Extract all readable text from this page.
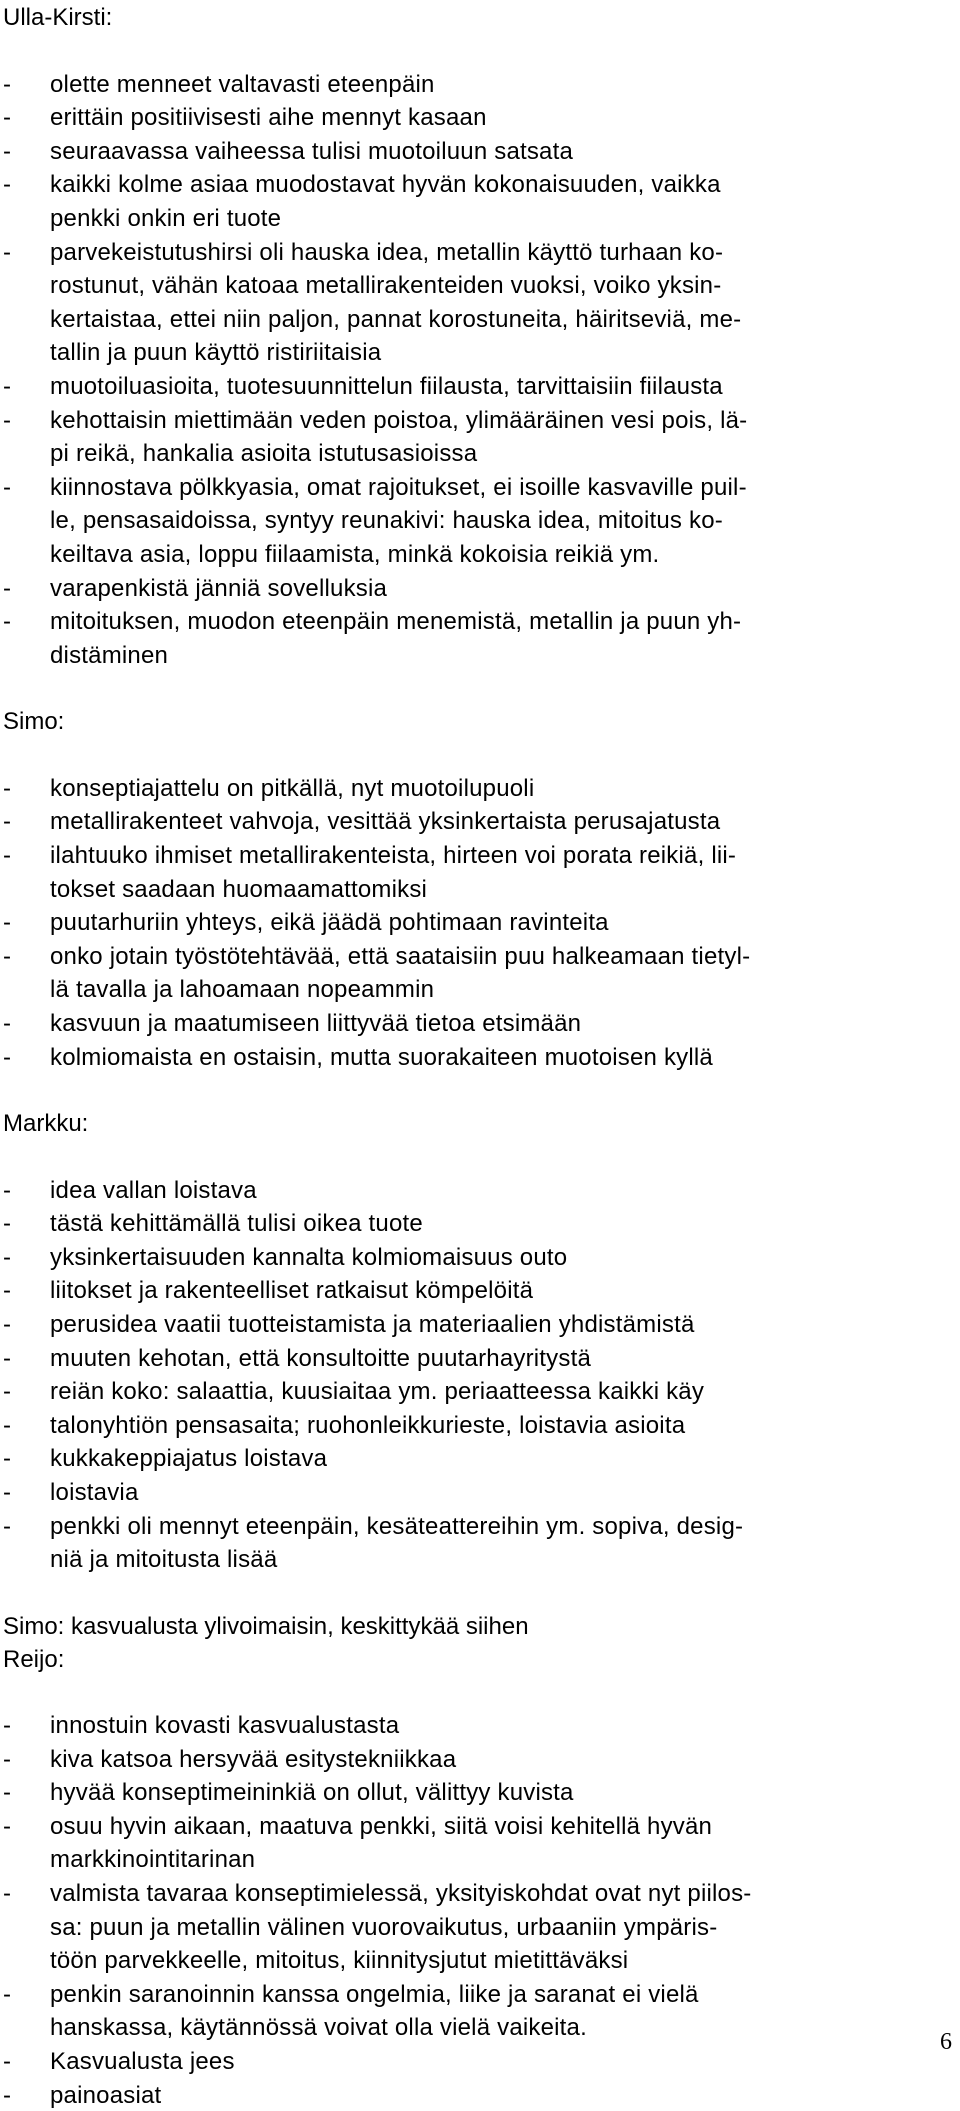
Ulla-Kirsti:
- olette menneet valtavasti eteenpäin
- erittäin positiivisesti aihe mennyt kasaan
- seuraavassa vaiheessa tulisi muotoiluun satsata
- kaikki kolme asiaa muodostavat hyvän kokonaisuuden, vaikka
penkki onkin eri tuote
- parvekeistutushirsi oli hauska idea, metallin käyttö turhaan ko-
rostunut, vähän katoaa metallirakenteiden vuoksi, voiko yksin-
kertaistaa, ettei niin paljon, pannat korostuneita, häiritseviä, me-
tallin ja puun käyttö ristiriitaisia
- muotoiluasioita, tuotesuunnittelun fiilausta, tarvittaisiin fiilausta
- kehottaisin miettimään veden poistoa, ylimääräinen vesi pois, lä-
pi reikä, hankalia asioita istutusasioissa
- kiinnostava pölkkyasia, omat rajoitukset, ei isoille kasvaville puil-
le, pensasaidoissa, syntyy reunakivi: hauska idea, mitoitus ko-
keiltava asia, loppu fiilaamista, minkä kokoisia reikiä ym.
- varapenkistä jänniä sovelluksia
- mitoituksen, muodon eteenpäin menemistä, metallin ja puun yh-
distäminen
Simo:
- konseptiajattelu on pitkällä, nyt muotoilupuoli
- metallirakenteet vahvoja, vesittää yksinkertaista perusajatusta
- ilahtuuko ihmiset metallirakenteista, hirteen voi porata reikiä, lii-
tokset saadaan huomaamattomiksi
- puutarhuriin yhteys, eikä jäädä pohtimaan ravinteita
- onko jotain työstötehtävää, että saataisiin puu halkeamaan tietyl-
lä tavalla ja lahoamaan nopeammin
- kasvuun ja maatumiseen liittyvää tietoa etsimään
- kolmiomaista en ostaisin, mutta suorakaiteen muotoisen kyllä
Markku:
- idea vallan loistava
- tästä kehittämällä tulisi oikea tuote
- yksinkertaisuuden kannalta kolmiomaisuus outo
- liitokset ja rakenteelliset ratkaisut kömpelöitä
- perusidea vaatii tuotteistamista ja materiaalien yhdistämistä
- muuten kehotan, että konsultoitte puutarhayritystä
- reiän koko: salaattia, kuusiaitaa ym. periaatteessa kaikki käy
- talonyhtiön pensasaita; ruohonleikkurieste, loistavia asioita
- kukkakeppiajatus loistava
- loistavia
- penkki oli mennyt eteenpäin, kesäteattereihin ym. sopiva, desig-
niä ja mitoitusta lisää
Simo: kasvualusta ylivoimaisin, keskittykää siihen
Reijo:
- innostuin kovasti kasvualustasta
- kiva katsoa hersyvää esitystekniikkaa
- hyvää konseptimeininkiä on ollut, välittyy kuvista
- osuu hyvin aikaan, maatuva penkki, siitä voisi kehitellä hyvän
markkinointitarinan
- valmista tavaraa konseptimielessä, yksityiskohdat ovat nyt piilos-
sa: puun ja metallin välinen vuorovaikutus, urbaaniin ympäris-
töön parvekkeelle, mitoitus, kiinnitysjutut mietittäväksi
- penkin saranoinnin kanssa ongelmia, liike ja saranat ei vielä
hanskassa, käytännössä voivat olla vielä vaikeita.
- Kasvualusta jees
- painoasiat
6
